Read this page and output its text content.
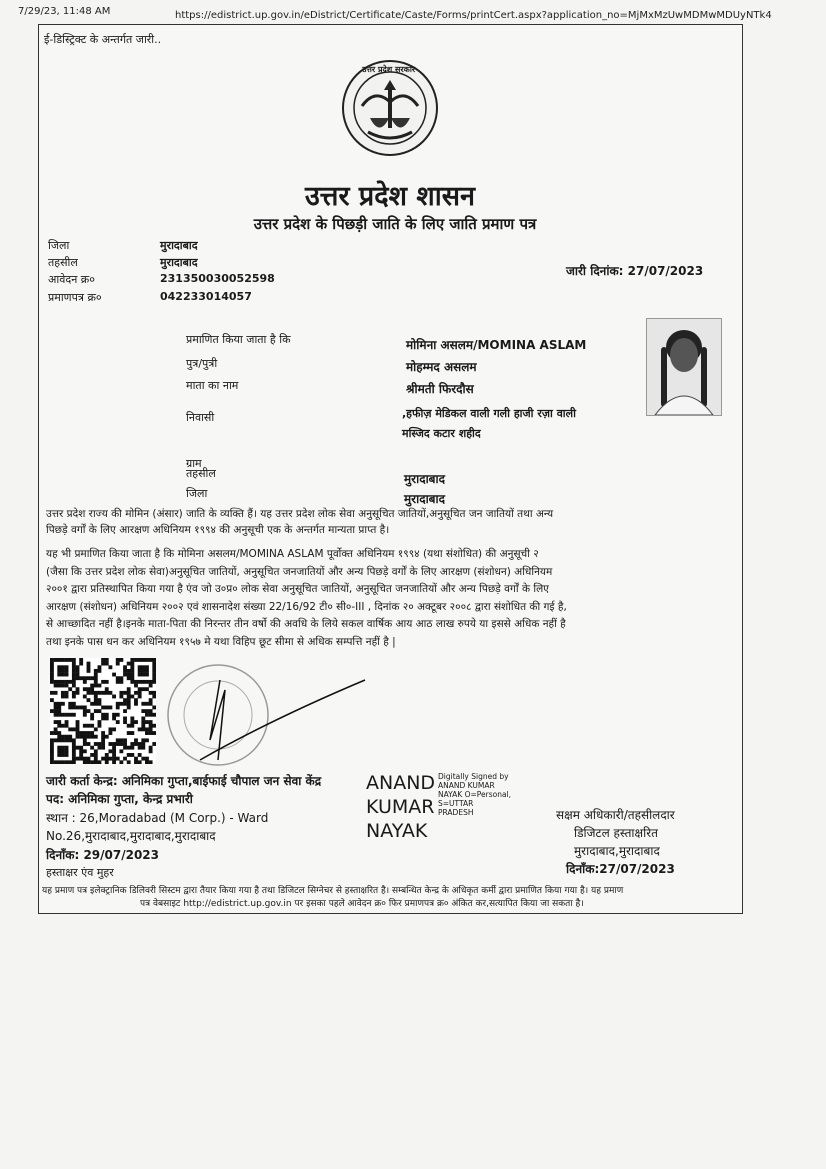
7/29/23, 11:48 AM	https://edistrict.up.gov.in/eDistrict/Certificate/Caste/Forms/printCert.aspx?application_no=MjMxMzUwMDMwMDUyNTk4
ई-डिस्ट्रिक्ट के अन्तर्गत जारी..
उत्तर प्रदेश सरकार
उत्तर प्रदेश शासन
उत्तर प्रदेश के पिछड़ी जाति के लिए जाति प्रमाण पत्र
जिला	मुरादाबाद
तहसील	मुरादाबाद
आवेदन क्र०	231350030052598
प्रमाणपत्र क्र०	042233014057
जारी दिनांक: 27/07/2023
प्रमाणित किया जाता है कि	मोमिना असलम/MOMINA ASLAM
पुत्र/पुत्री	मोहम्मद असलम
माता का नाम	श्रीमती फिरदौस
निवासी	,हफीज़ मेडिकल वाली गली हाजी रज़ा वाली
मस्जिद कटार शहीद
ग्राम
तहसील	मुरादाबाद
जिला	मुरादाबाद
उत्तर प्रदेश राज्य की मोमिन (अंसार) जाति के व्यक्ति हैं। यह उत्तर प्रदेश लोक सेवा अनुसूचित जातियों,अनुसूचित जन जातियों तथा अन्य
पिछड़े वर्गों के लिए आरक्षण अधिनियम १९९४ की अनुसूची एक के अन्तर्गत मान्यता प्राप्त है।
यह भी प्रमाणित किया जाता है कि मोमिना असलम/MOMINA ASLAM पूर्वोक्त अधिनियम १९९४ (यथा संशोधित) की अनुसूची २
(जैसा कि उत्तर प्रदेश लोक सेवा)अनुसूचित जातियों, अनुसूचित जनजातियों और अन्य पिछड़े वर्गों के लिए आरक्षण (संशोधन) अधिनियम
२००१ द्वारा प्रतिस्थापित किया गया है एंव जो उ०प्र० लोक सेवा अनुसूचित जातियों, अनुसूचित जनजातियों और अन्य पिछड़े वर्गों के लिए
आरक्षण (संशोधन) अधिनियम २००२ एवं शासनादेश संख्या 22/16/92 टी० सी०-III , दिनांक २० अक्टूबर २००८ द्वारा संशोधित की गई है,
से आच्छादित नहीं है।इनके माता-पिता की निरन्तर तीन वर्षो की अवधि के लिये सकल वार्षिक आय आठ लाख रुपये या इससे अधिक नहीं है
तथा इनके पास धन कर अधिनियम १९५७ मे यथा विहिप छूट सीमा से अधिक सम्पत्ति नहीं है |
जारी कर्ता केन्द्र: अनिमिका गुप्ता,बाईफाई चौपाल जन सेवा केंद्र
पद: अनिमिका गुप्ता, केन्द्र प्रभारी
स्थान : 26,Moradabad (M Corp.) - Ward
No.26,मुरादाबाद,मुरादाबाद,मुरादाबाद
दिनाँक: 29/07/2023
हस्ताक्षर एंव मुहर
ANAND
KUMAR
NAYAK
Digitally Signed by
ANAND KUMAR
NAYAK O=Personal,
S=UTTAR
PRADESH	सक्षम अधिकारी/तहसीलदार
डिजिटल हस्ताक्षरित
मुरादाबाद,मुरादाबाद
दिनाँक:27/07/2023
यह प्रमाण पत्र इलेक्ट्रानिक डिलिवरी सिस्टम द्वारा तैयार किया गया है तथा डिजिटल सिग्नेचर से हस्ताक्षरित है। सम्बन्धित केन्द्र के अधिकृत कर्मी द्वारा प्रमाणित किया गया है। यह प्रमाण
पत्र वेबसाइट http://edistrict.up.gov.in पर इसका पहले आवेदन क्र० फिर प्रमाणपत्र क्र० अंकित कर,सत्यापित किया जा सकता है।
